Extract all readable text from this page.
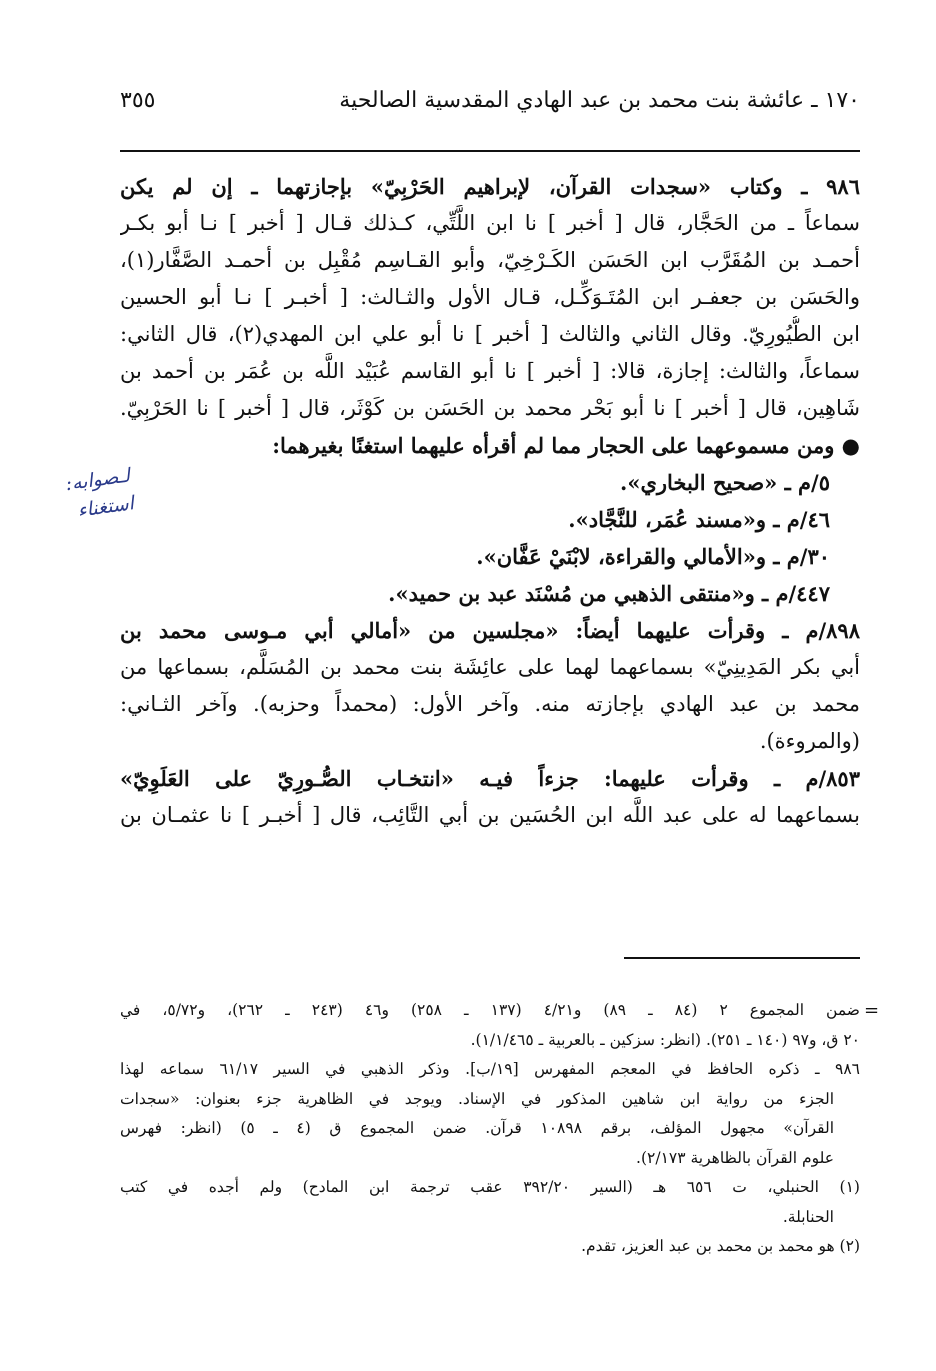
١٧٠ ـ عائشة بنت محمد بن عبد الهادي المقدسية الصالحية
٣٥٥
٩٨٦ ـ وكتاب «سجدات القرآن، لإبراهيم الحَرْبِيّ» بإجازتهما ـ إن لم يكن
سماعاً ـ من الحَجَّار، قال [ أخبر ] نا ابن اللَّتِّي، كـذلك قـال [ أخبر ] نـا أبو بكـر
أحمـد بن المُقَرَّب ابن الحَسَن الكَـرْخِيّ، وأبو القـاسِم مُقْبِل بن أحمـد الصَّفَّار(١)،
والحَسَن بن جعفـر ابن المُتَـوَكِّـل، قـال الأول والثـالث: [ أخبـر ] نـا أبو الحسين
ابن الطُّيُورِيّ. وقال الثاني والثالث [ أخبر ] نا أبو علي ابن المهدي(٢)، قال الثاني:
سماعاً، والثالث: إجازة، قالا: [ أخبر ] نا أبو القاسم عُبَيْد اللَّه بن عُمَر بن أحمد بن
شَاهِين، قال [ أخبر ] نا أبو بَحْر محمد بن الحَسَن بن كَوْثَر، قال [ أخبر ] نا الحَرْبِيّ.
● ومن مسموعهما على الحجار مما لم أقرأه عليهما استغنًا بغيرهما:
٥/م ـ «صحيح البخاري».
٤٦/م ـ و«مسند عُمَر، للنَّجَّاد».
٣٠/م ـ و«الأمالي والقراءة، لابْنَيْ عَفَّان».
٤٤٧/م ـ و«منتقى الذهبي من مُسْنَد عبد بن حميد».
٨٩٨/م ـ وقرأت عليهما أيضاً: «مجلسين من «أمالي أبي مـوسى محمد بن
أبي بكر المَدِينِيّ» بسماعهما لهما على عائِشَة بنت محمد بن المُسَلَّم، بسماعها من
محمد بن عبد الهادي بإجازته منه. وآخر الأول: (محمداً وحزبه). وآخر الثـاني:
(والمروءة).
٨٥٣/م ـ وقرأت عليهما: جزءاً فيـه «انتخـاب الصُّـورِيّ على العَلَوِيّ»
بسماعهما له على عبد اللَّه ابن الحُسَين بن أبي التَّائِب، قال [ أخبـر ] نا عثمـان بن
لـصوابه:
استغناء
=
ضمن المجموع ٢ (٨٤ ـ ٨٩) و٤/٢١ (١٣٧ ـ ٢٥٨) و٤٦ (٢٤٣ ـ ٢٦٢)، و٥/٧٢، في
٢٠ ق، و٩٧ (١٤٠ ـ ٢٥١). (انظر: سزكين ـ بالعربية ـ ١/١/٤٦٥).
٩٨٦ ـ ذكره الحافظ في المعجم المفهرس [١٩/ب]. وذكر الذهبي في السير ٦١/١٧ سماعه لهذا
الجزء من رواية ابن شاهين المذكور في الإسناد. ويوجد في الظاهرية جزء بعنوان: «سجدات
القرآن» مجهول المؤلف، برقم ١٠٨٩٨ قرآن. ضمن المجموع ق (٤ ـ ٥) (انظر: فهرس
علوم القرآن بالظاهرية ٢/١٧٣).
(١) الحنبلي، ت ٦٥٦ هـ (السير ٣٩٢/٢٠ عقب ترجمة ابن المادح) ولم أجده في كتب
الحنابلة.
(٢) هو محمد بن محمد بن عبد العزيز، تقدم.
